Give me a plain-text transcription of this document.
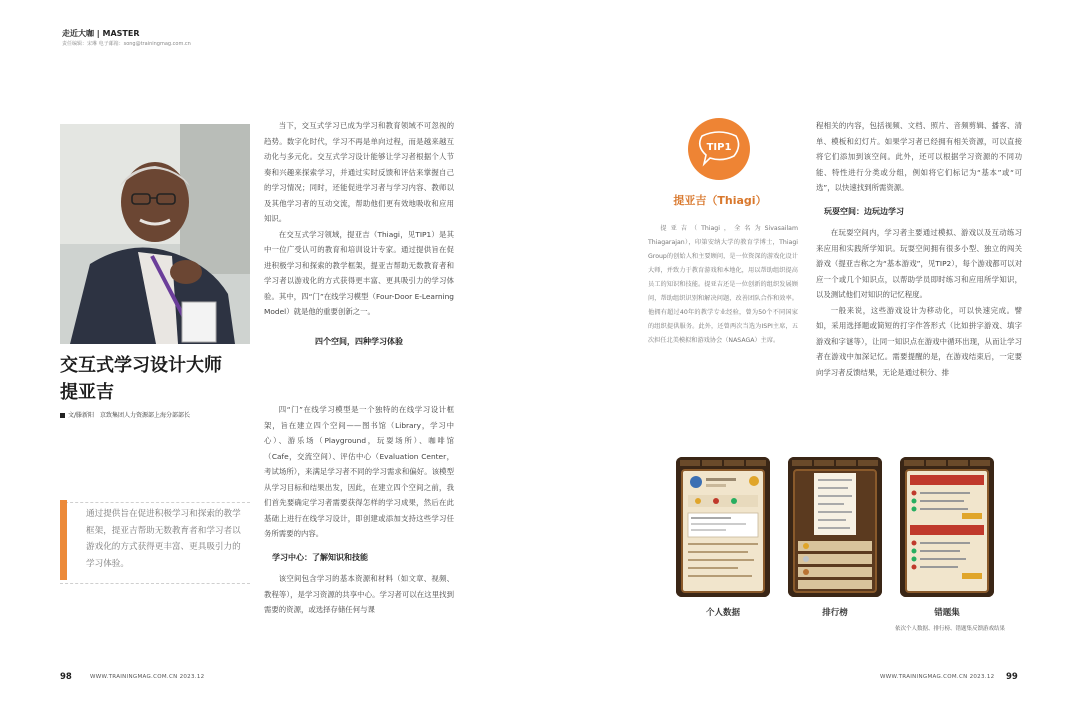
走近大咖 | MASTER
责任编辑：宋琳 电子邮箱：song@trainingmag.com.cn
交互式学习设计大师
提亚吉
文/滕新阳　京致集团人力资源部上海分部部长
通过提供旨在促进积极学习和探索的教学框架，提亚吉帮助无数教育者和学习者以游戏化的方式获得更丰富、更具吸引力的学习体验。

当下，交互式学习已成为学习和教育领域不可忽视的趋势。数字化时代，学习不再是单向过程，而是越来越互动化与多元化。交互式学习设计能够让学习者根据个人节奏和兴趣来探索学习，并通过实时反馈和评估来掌握自己的学习情况；同时，还能促进学习者与学习内容、教师以及其他学习者的互动交流，帮助他们更有效地吸收和应用知识。

在交互式学习领域，提亚吉（Thiagi，见TIP1）是其中一位广受认可的教育和培训设计专家。通过提供旨在促进积极学习和探索的教学框架，提亚吉帮助无数教育者和学习者以游戏化的方式获得更丰富、更具吸引力的学习体验。其中，四“门”在线学习模型（Four-Door E-Learning Model）就是他的重要创新之一。

四个空间，四种学习体验

四“门”在线学习模型是一个独特的在线学习设计框架，旨在建立四个空间——图书馆（Library，学习中心）、游乐场（Playground，玩耍场所）、咖啡馆（Cafe，交流空间）、评估中心（Evaluation Center，考试场所），来满足学习者不同的学习需求和偏好。该模型从学习目标和结果出发，因此，在建立四个空间之前，我们首先要确定学习者需要获得怎样的学习成果，然后在此基础上进行在线学习设计，即创建或添加支持这些学习任务所需要的内容。

学习中心：了解知识和技能

该空间包含学习的基本资源和材料（如文章、视频、教程等），是学习资源的共享中心。学习者可以在这里找到需要的资源，或选择存储任何与课

TIP1
提亚吉（Thiagi）

提亚吉（Thiagi，全名为Sivasailam Thiagarajan），印第安纳大学的教育学博士，Thiagi Group的创始人和主要顾问，是一位资深的游戏化设计大师，并致力于教育游戏和本地化，用以帮助组织提高员工的知识和技能。提亚吉还是一位创新的组织发展顾问，帮助组织识别和解决问题，改善团队合作和效率。他拥有超过40年的教学专业经验，曾为50个不同国家的组织提供服务。此外，还曾两次当选为ISPI主席，五次担任北美模拟和游戏协会（NASAGA）主席。

程相关的内容，包括视频、文档、照片、音频剪辑、播客、清单、模板和幻灯片。如果学习者已经拥有相关资源，可以直接将它们添加到该空间。此外，还可以根据学习资源的不同功能、特性进行分类或分组，例如将它们标记为“基本”或“可选”，以快速找到所需资源。

玩耍空间：边玩边学习

在玩耍空间内，学习者主要通过模拟、游戏以及互动练习来应用和实践所学知识。玩耍空间拥有很多小型、独立的闯关游戏（提亚吉称之为“基本游戏”，见TIP2），每个游戏都可以对应一个或几个知识点，以帮助学员即时练习和应用所学知识，以及测试他们对知识的记忆程度。

一般来说，这些游戏设计为移动化，可以快速完成。譬如，采用选择题或简短的打字作答形式（比如拼字游戏、填字游戏和字谜等），让同一知识点在游戏中循环出现，从而让学习者在游戏中加深记忆。需要提醒的是，在游戏结束后，一定要向学习者反馈结果，无论是通过积分、排

个人数据	排行榜	错题集
依次个人数据、排行榜、错题集反馈游戏结果
98	WWW.TRAININGMAG.COM.CN 2023.12	WWW.TRAININGMAG.COM.CN 2023.12 99
